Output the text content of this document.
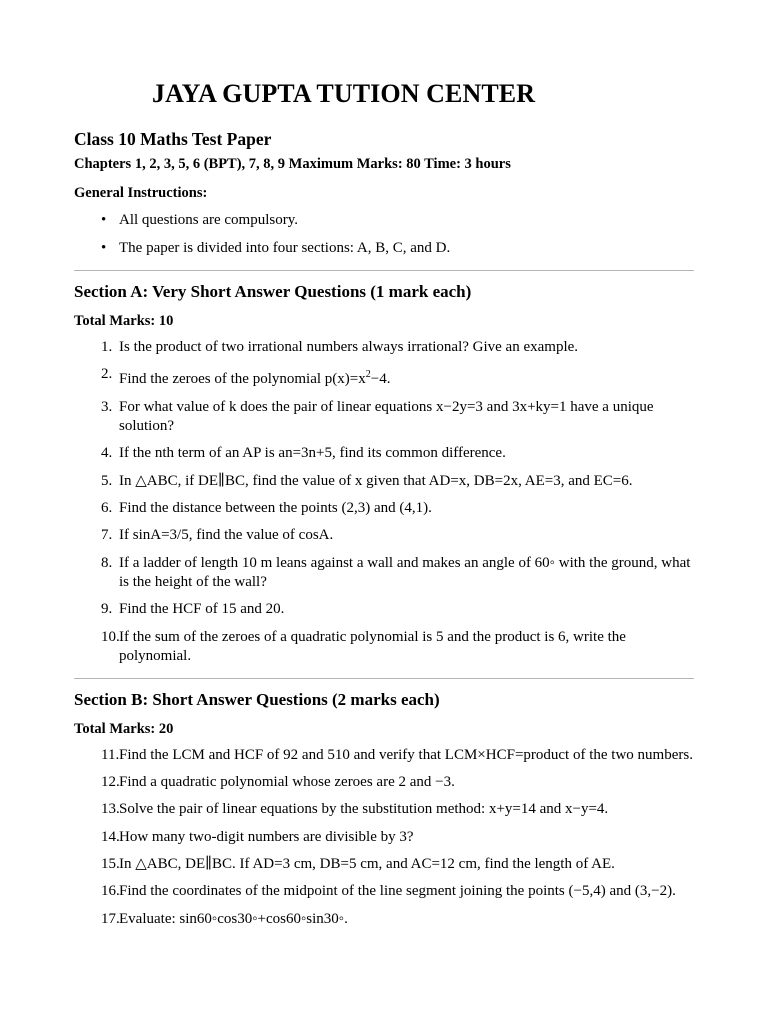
JAYA GUPTA TUTION CENTER
Class 10 Maths Test Paper
Chapters 1, 2, 3, 5, 6 (BPT), 7, 8, 9 Maximum Marks: 80 Time: 3 hours
General Instructions:
• All questions are compulsory.
• The paper is divided into four sections: A, B, C, and D.
Section A: Very Short Answer Questions (1 mark each)
Total Marks: 10
1. Is the product of two irrational numbers always irrational? Give an example.
2. Find the zeroes of the polynomial $p(x)=x^2-4$.
3. For what value of k does the pair of linear equations x−2y=3 and 3x+ky=1 have a unique solution?
4. If the nth term of an AP is an=3n+5, find its common difference.
5. In △ABC, if DE∥BC, find the value of x given that AD=x, DB=2x, AE=3, and EC=6.
6. Find the distance between the points (2,3) and (4,1).
7. If sinA=3/5, find the value of cosA.
8. If a ladder of length 10 m leans against a wall and makes an angle of 60◦ with the ground, what is the height of the wall?
9. Find the HCF of 15 and 20.
10. If the sum of the zeroes of a quadratic polynomial is 5 and the product is 6, write the polynomial.
Section B: Short Answer Questions (2 marks each)
Total Marks: 20
11. Find the LCM and HCF of 92 and 510 and verify that LCM×HCF=product of the two numbers.
12. Find a quadratic polynomial whose zeroes are 2 and −3.
13. Solve the pair of linear equations by the substitution method: x+y=14 and x−y=4.
14. How many two-digit numbers are divisible by 3?
15. In △ABC, DE∥BC. If AD=3 cm, DB=5 cm, and AC=12 cm, find the length of AE.
16. Find the coordinates of the midpoint of the line segment joining the points (−5,4) and (3,−2).
17. Evaluate: sin60◦cos30◦+cos60◦sin30◦.
